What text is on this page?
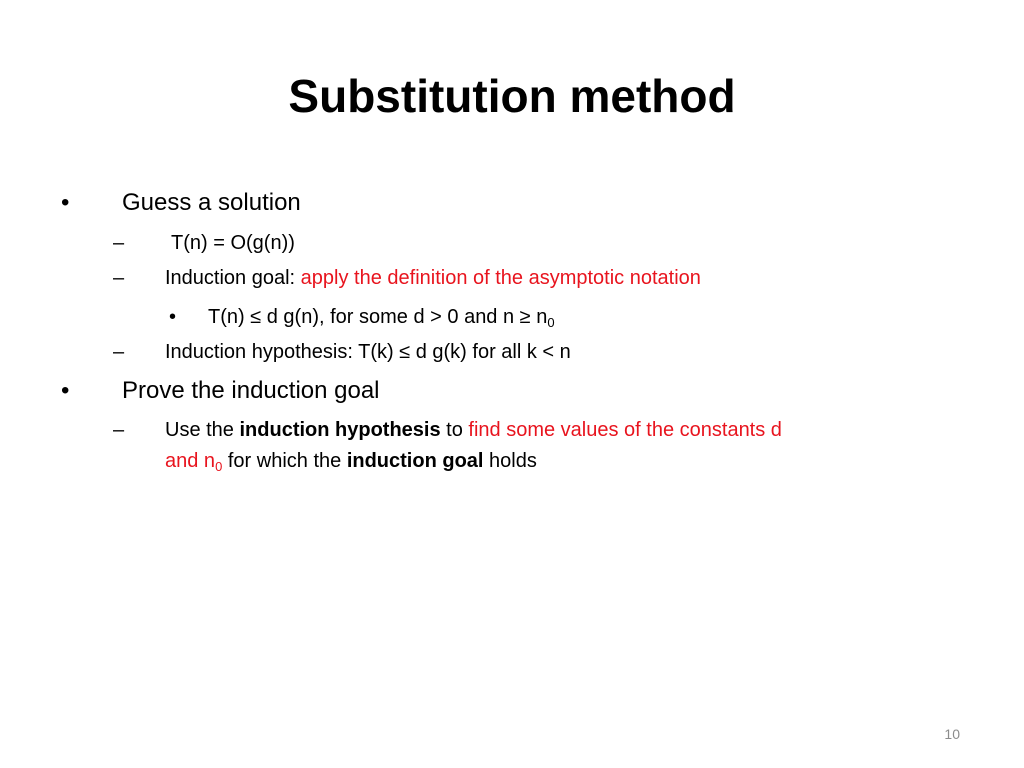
Substitution method
• Guess a solution
– T(n) = O(g(n))
– Induction goal: apply the definition of the asymptotic notation
• T(n) ≤ d g(n), for some d > 0 and $n \ge n_0$
– Induction hypothesis: T(k) ≤ d g(k) for all k < n
• Prove the induction goal
– Use the induction hypothesis to find some values of the constants d
and $n_0$ for which the induction goal holds
10
